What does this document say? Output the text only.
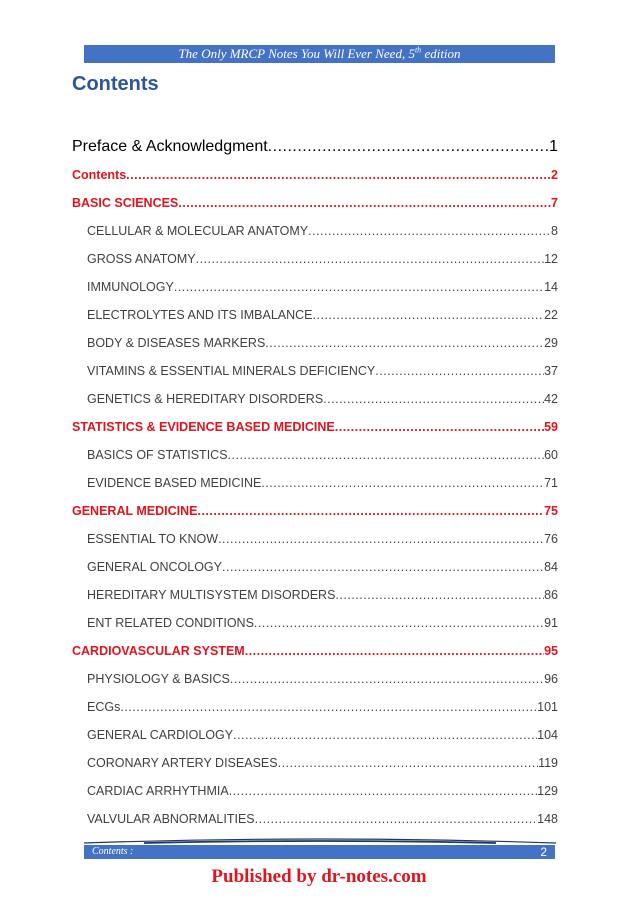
The Only MRCP Notes You Will Ever Need, 5th edition
Contents
Preface & Acknowledgment .....	1
Contents .....	2
BASIC SCIENCES .....	7
CELLULAR & MOLECULAR ANATOMY .....	8
GROSS ANATOMY .....	12
IMMUNOLOGY .....	14
ELECTROLYTES AND ITS IMBALANCE .....	22
BODY & DISEASES MARKERS .....	29
VITAMINS & ESSENTIAL MINERALS DEFICIENCY .....	37
GENETICS & HEREDITARY DISORDERS .....	42
STATISTICS & EVIDENCE BASED MEDICINE .....	59
BASICS OF STATISTICS .....	60
EVIDENCE BASED MEDICINE .....	71
GENERAL MEDICINE .....	75
ESSENTIAL TO KNOW .....	76
GENERAL ONCOLOGY .....	84
HEREDITARY MULTISYSTEM DISORDERS .....	86
ENT RELATED CONDITIONS .....	91
CARDIOVASCULAR SYSTEM .....	95
PHYSIOLOGY & BASICS .....	96
ECGs .....	101
GENERAL CARDIOLOGY .....	104
CORONARY ARTERY DISEASES .....	119
CARDIAC ARRHYTHMIA .....	129
VALVULAR ABNORMALITIES .....	148
Contents :	2
Published by dr-notes.com
